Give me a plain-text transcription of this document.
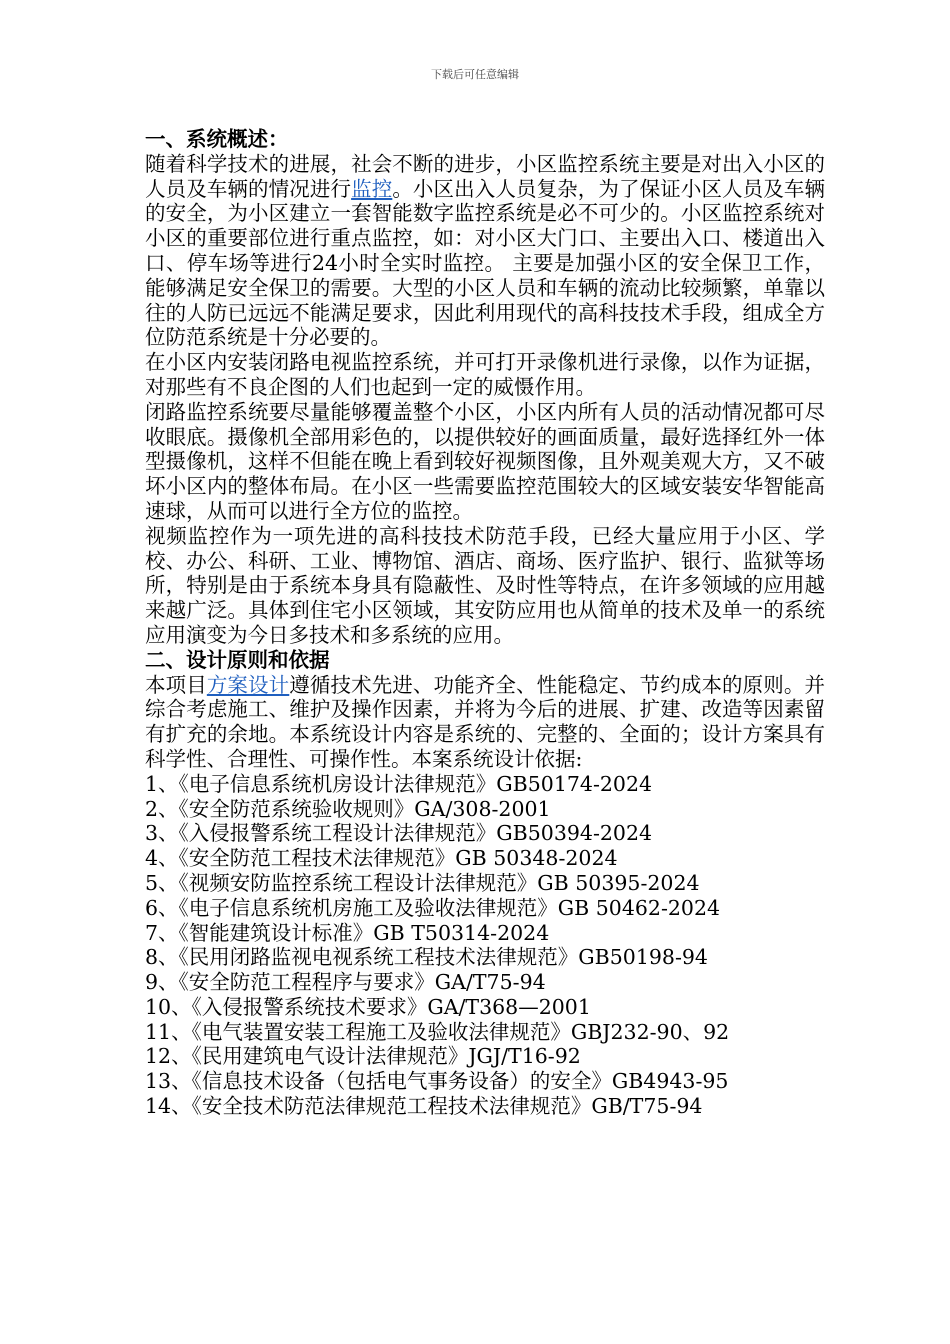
下载后可任意编辑

一、系统概述：

随着科学技术的进展，社会不断的进步，小区监控系统主要是对出入小区的人员及车辆的情况进行监控。小区出入人员复杂，为了保证小区人员及车辆的安全，为小区建立一套智能数字监控系统是必不可少的。小区监控系统对小区的重要部位进行重点监控，如：对小区大门口、主要出入口、楼道出入口、停车场等进行24小时全实时监控。 主要是加强小区的安全保卫工作，能够满足安全保卫的需要。大型的小区人员和车辆的流动比较频繁，单靠以往的人防已远远不能满足要求，因此利用现代的高科技技术手段，组成全方位防范系统是十分必要的。

在小区内安装闭路电视监控系统，并可打开录像机进行录像，以作为证据，对那些有不良企图的人们也起到一定的威慑作用。

闭路监控系统要尽量能够覆盖整个小区，小区内所有人员的活动情况都可尽收眼底。摄像机全部用彩色的，以提供较好的画面质量，最好选择红外一体型摄像机，这样不但能在晚上看到较好视频图像，且外观美观大方，又不破坏小区内的整体布局。在小区一些需要监控范围较大的区域安装安华智能高速球，从而可以进行全方位的监控。

视频监控作为一项先进的高科技技术防范手段，已经大量应用于小区、学校、办公、科研、工业、博物馆、酒店、商场、医疗监护、银行、监狱等场所，特别是由于系统本身具有隐蔽性、及时性等特点，在许多领域的应用越来越广泛。具体到住宅小区领域，其安防应用也从简单的技术及单一的系统应用演变为今日多技术和多系统的应用。

二、设计原则和依据

本项目方案设计遵循技术先进、功能齐全、性能稳定、节约成本的原则。并综合考虑施工、维护及操作因素，并将为今后的进展、扩建、改造等因素留有扩充的余地。本系统设计内容是系统的、完整的、全面的；设计方案具有科学性、合理性、可操作性。本案系统设计依据:

1、《电子信息系统机房设计法律规范》GB50174-2024
2、《安全防范系统验收规则》GA/308-2001
3、《入侵报警系统工程设计法律规范》GB50394-2024
4、《安全防范工程技术法律规范》GB 50348-2024
5、《视频安防监控系统工程设计法律规范》GB 50395-2024
6、《电子信息系统机房施工及验收法律规范》GB 50462-2024
7、《智能建筑设计标准》GB T50314-2024
8、《民用闭路监视电视系统工程技术法律规范》GB50198-94
9、《安全防范工程程序与要求》GA/T75-94
10、《入侵报警系统技术要求》GA/T368—2001
11、《电气装置安装工程施工及验收法律规范》GBJ232-90、92
12、《民用建筑电气设计法律规范》JGJ/T16-92
13、《信息技术设备（包括电气事务设备）的安全》GB4943-95
14、《安全技术防范法律规范工程技术法律规范》GB/T75-94
